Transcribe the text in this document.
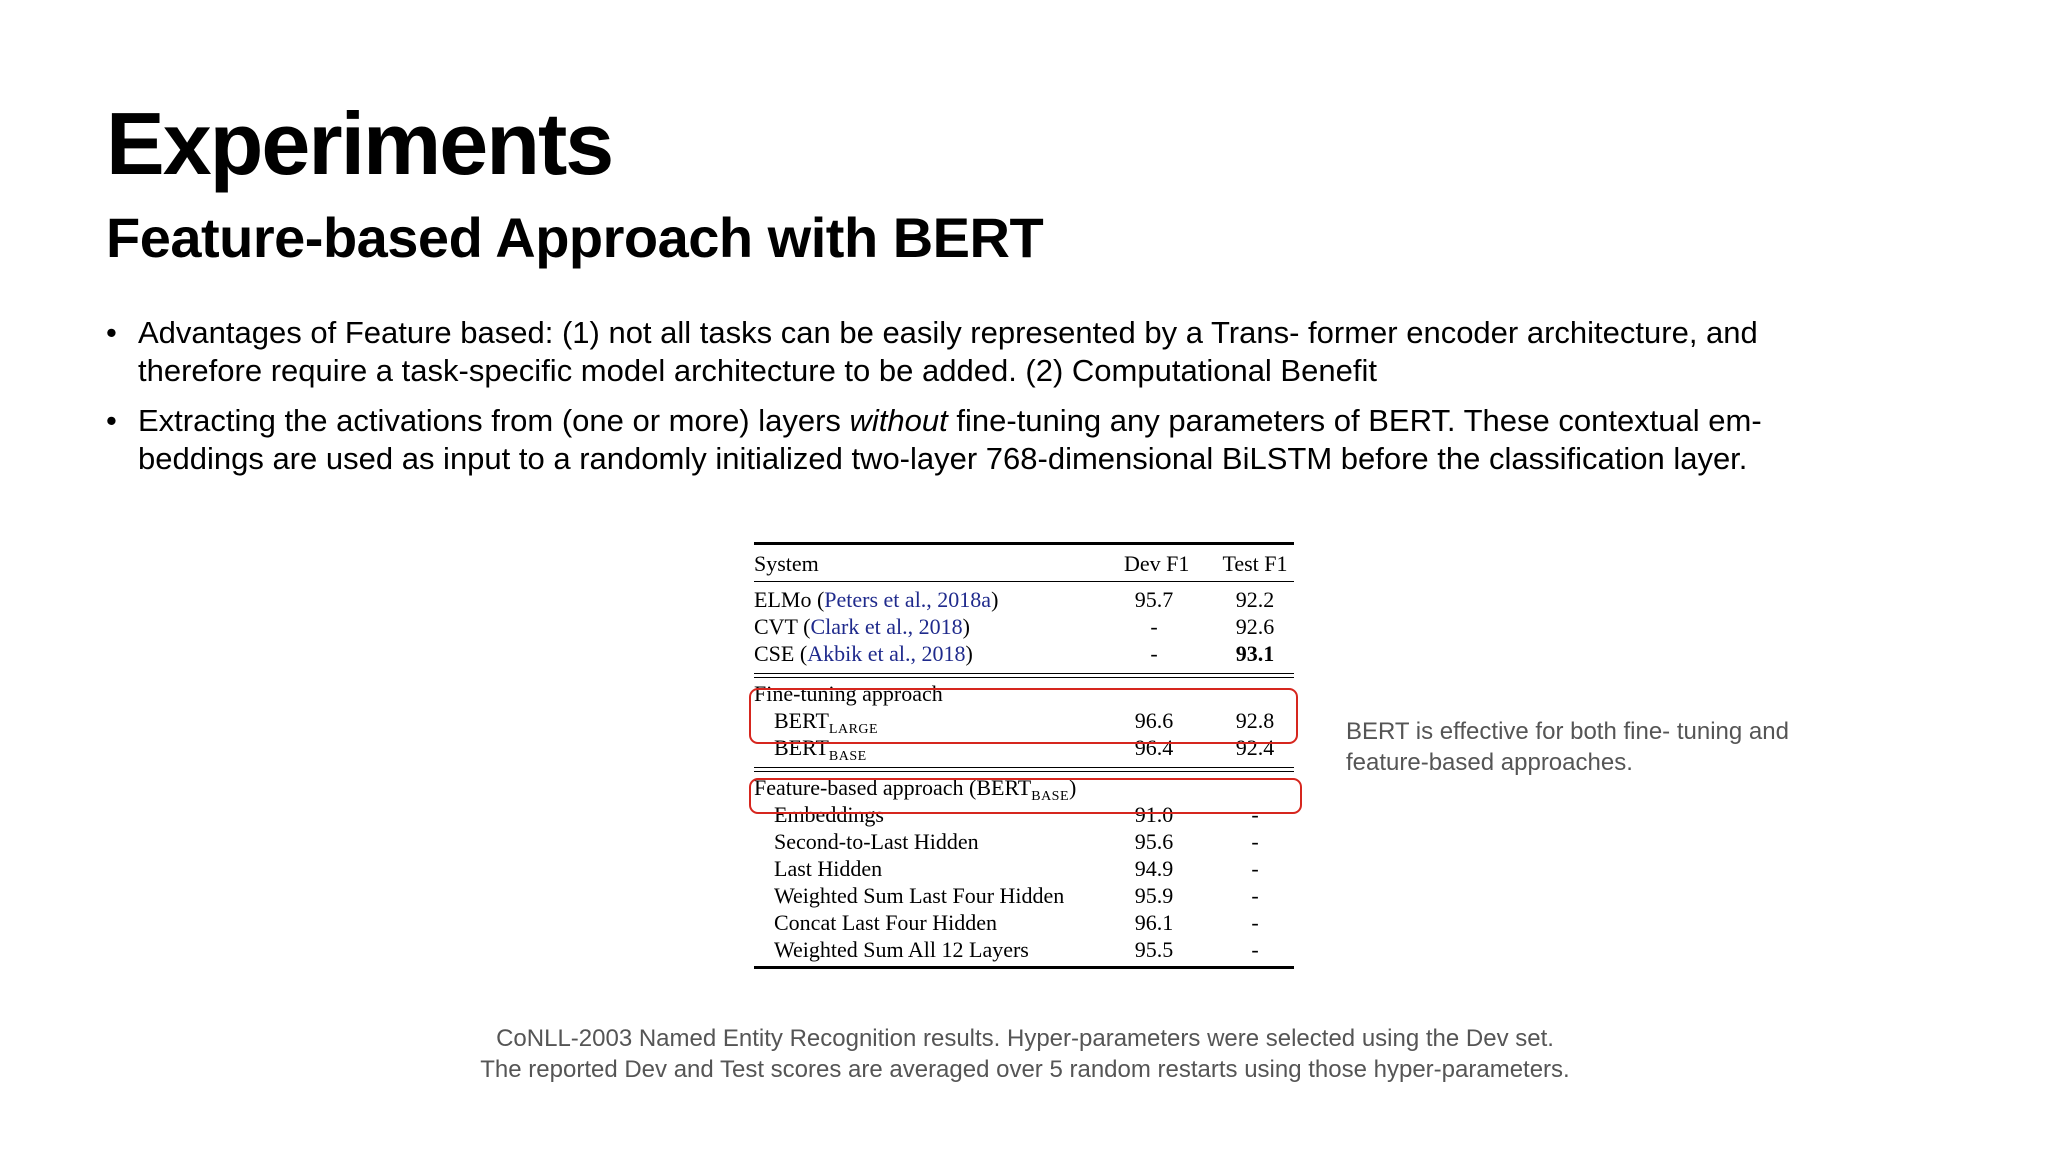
Experiments
Feature-based Approach with BERT
• Advantages of Feature based: (1) not all tasks can be easily represented by a Trans- former encoder architecture, and therefore require a task-specific model architecture to be added. (2) Computational Benefit
• Extracting the activations from (one or more) layers without fine-tuning any parameters of BERT. These contextual em- beddings are used as input to a randomly initialized two-layer 768-dimensional BiLSTM before the classification layer.
System	Dev F1 Test F1
ELMo (Peters et al., 2018a)	95.7	92.2
CVT (Clark et al., 2018)	-	92.6
CSE (Akbik et al., 2018)	-	93.1
Fine-tuning approach
$BERT_{LARGE}$	96.6	92.8
$BERT_{BASE}$	96.4	92.4
Feature-based approach $(BERT_{BASE})$
Embeddings	91.0	-
Second-to-Last Hidden	95.6	-
Last Hidden	94.9	-
Weighted Sum Last Four Hidden	95.9	-
Concat Last Four Hidden	96.1	-
Weighted Sum All 12 Layers	95.5	-
BERT is effective for both fine- tuning and feature-based approaches.
CoNLL-2003 Named Entity Recognition results. Hyper-parameters were selected using the Dev set.
The reported Dev and Test scores are averaged over 5 random restarts using those hyper-parameters.
